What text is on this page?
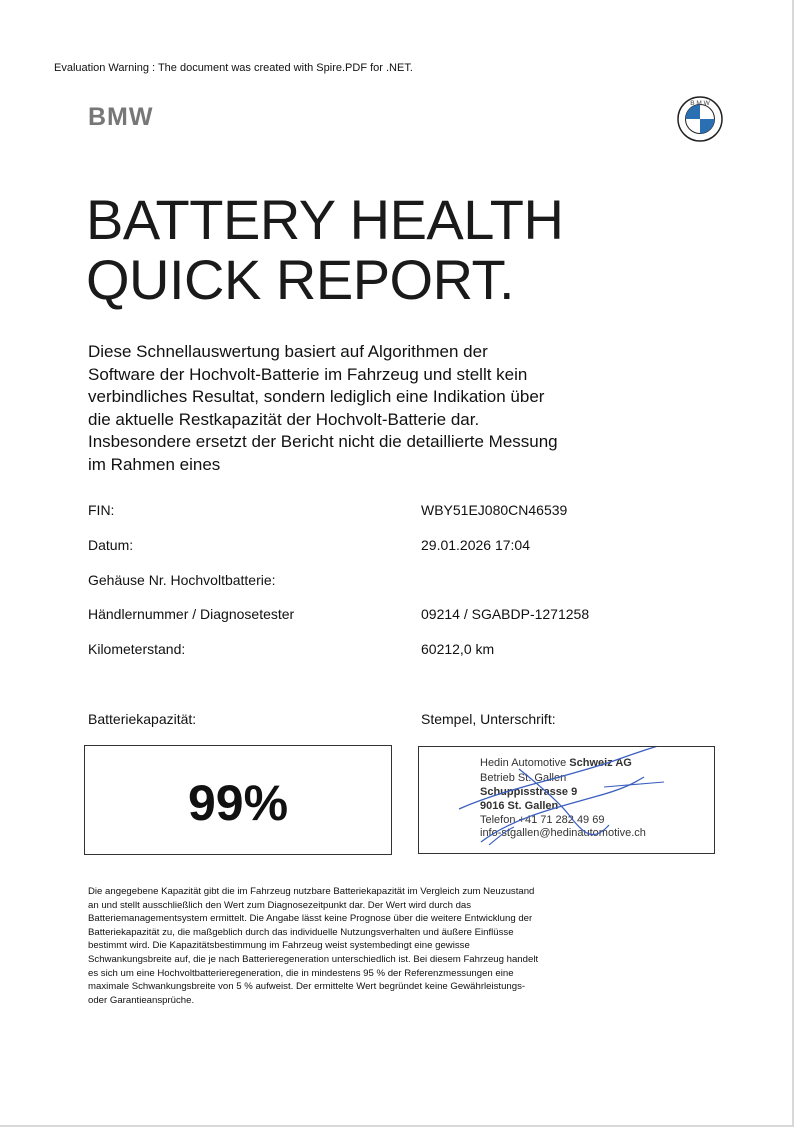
Evaluation Warning : The document was created with Spire.PDF for .NET.
BMW	B M W
BATTERY HEALTH
QUICK REPORT.

Diese Schnellauswertung basiert auf Algorithmen der Software der Hochvolt-Batterie im Fahrzeug und stellt kein verbindliches Resultat, sondern lediglich eine Indikation über die aktuelle Restkapazität der Hochvolt-Batterie dar. Insbesondere ersetzt der Bericht nicht die detaillierte Messung im Rahmen eines

FIN:	WBY51EJ080CN46539
Datum:	29.01.2026 17:04
Gehäuse Nr. Hochvoltbatterie:
Händlernummer / Diagnosetester	09214 / SGABDP-1271258
Kilometerstand:	60212,0 km
Batteriekapazität:	Stempel, Unterschrift:
99%
Hedin Automotive Schweiz AG
Betrieb St. Gallen
Schuppisstrasse 9
9016 St. Gallen
Telefon +41 71 282 49 69
info-stgallen@hedinautomotive.ch

Die angegebene Kapazität gibt die im Fahrzeug nutzbare Batteriekapazität im Vergleich zum Neuzustand an und stellt ausschließlich den Wert zum Diagnosezeitpunkt dar. Der Wert wird durch das Batteriemanagementsystem ermittelt. Die Angabe lässt keine Prognose über die weitere Entwicklung der Batteriekapazität zu, die maßgeblich durch das individuelle Nutzungsverhalten und äußere Einflüsse bestimmt wird. Die Kapazitätsbestimmung im Fahrzeug weist systembedingt eine gewisse Schwankungsbreite auf, die je nach Batterieregeneration unterschiedlich ist. Bei diesem Fahrzeug handelt es sich um eine Hochvoltbatterieregeneration, die in mindestens 95 % der Referenzmessungen eine maximale Schwankungsbreite von 5 % aufweist. Der ermittelte Wert begründet keine Gewährleistungs- oder Garantieansprüche.
